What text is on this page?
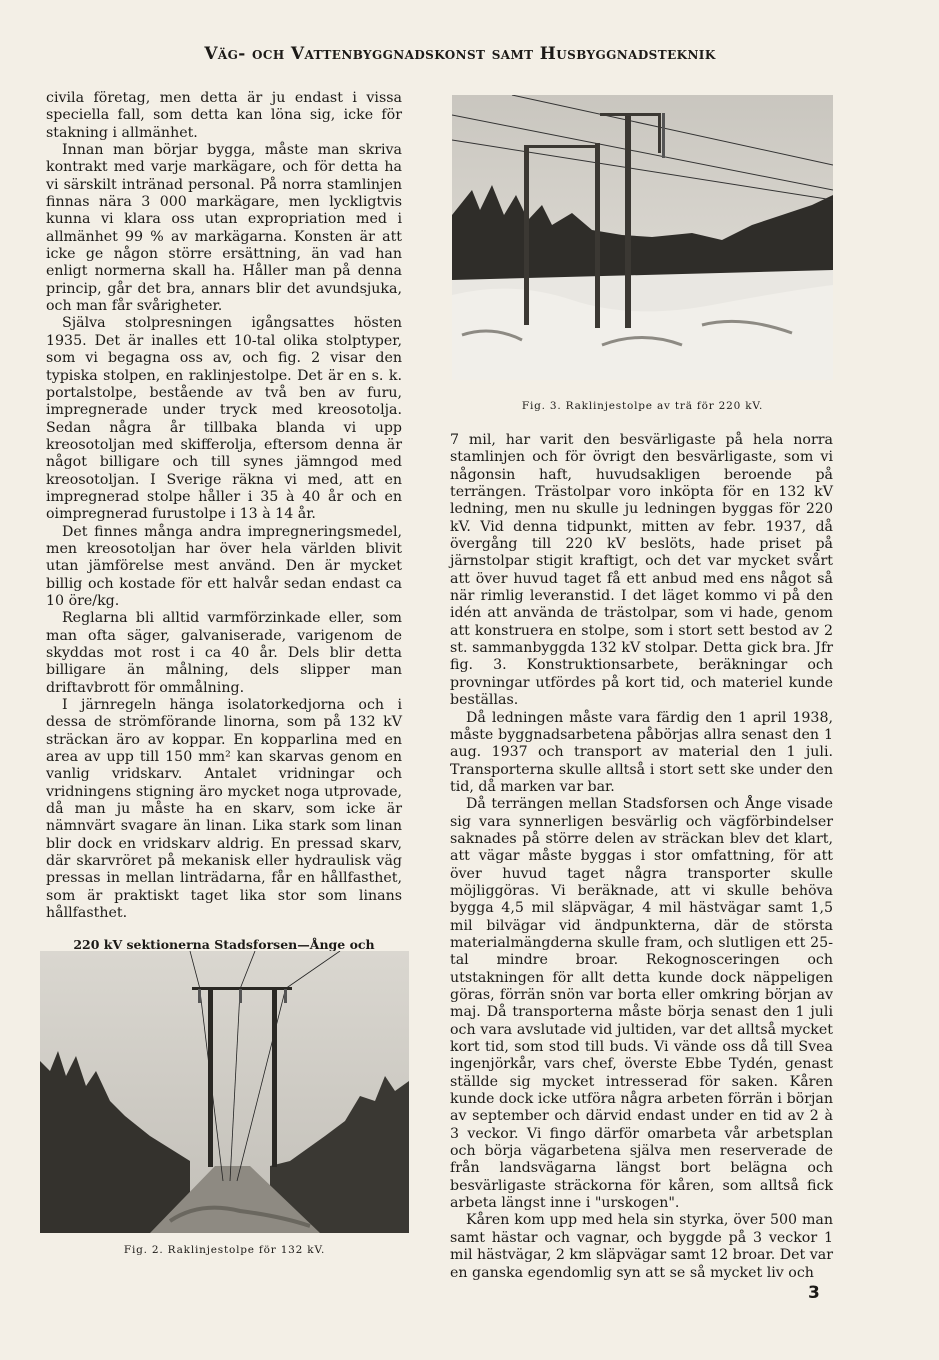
Väg- och Vattenbyggnadskonst samt Husbyggnadsteknik

civila företag, men detta är ju endast i vissa speciella fall, som detta kan löna sig, icke för stakning i allmänhet.

Innan man börjar bygga, måste man skriva kontrakt med varje markägare, och för detta ha vi särskilt intränad personal. På norra stamlinjen finnas nära 3 000 markägare, men lyckligtvis kunna vi klara oss utan expropriation med i allmänhet 99 % av markägarna. Konsten är att icke ge någon större ersättning, än vad han enligt normerna skall ha. Håller man på denna princip, går det bra, annars blir det avundsjuka, och man får svårigheter.

Själva stolpresningen igångsattes hösten 1935. Det är inalles ett 10-tal olika stolptyper, som vi begagna oss av, och fig. 2 visar den typiska stolpen, en raklinjestolpe. Det är en s. k. portalstolpe, bestående av två ben av furu, impregnerade under tryck med kreosotolja. Sedan några år tillbaka blanda vi upp kreosotoljan med skifferolja, eftersom denna är något billigare och till synes jämngod med kreosotoljan. I Sverige räkna vi med, att en impregnerad stolpe håller i 35 à 40 år och en oimpregnerad furustolpe i 13 à 14 år.

Det finnes många andra impregneringsmedel, men kreosotoljan har över hela världen blivit utan jämförelse mest använd. Den är mycket billig och kostade för ett halvår sedan endast ca 10 öre/kg.

Reglarna bli alltid varmförzinkade eller, som man ofta säger, galvaniserade, varigenom de skyddas mot rost i ca 40 år. Dels blir detta billigare än målning, dels slipper man driftavbrott för ommålning.

I järnregeln hänga isolatorkedjorna och i dessa de strömförande linorna, som på 132 kV sträckan äro av koppar. En kopparlina med en area av upp till 150 mm² kan skarvas genom en vanlig vridskarv. Antalet vridningar och vridningens stigning äro mycket noga utprovade, då man ju måste ha en skarv, som icke är nämnvärt svagare än linan. Lika stark som linan blir dock en vridskarv aldrig. En pressad skarv, där skarvröret på mekanisk eller hydraulisk väg pressas in mellan linträdarna, får en hållfasthet, som är praktiskt taget lika stor som linans hållfasthet.

220 kV sektionerna Stadsforsen—Ånge och

Fig. 3. Raklinjestolpe av trä för 220 kV.

7 mil, har varit den besvärligaste på hela norra stamlinjen och för övrigt den besvärligaste, som vi någonsin haft, huvudsakligen beroende på terrängen. Trästolpar voro inköpta för en 132 kV ledning, men nu skulle ju ledningen byggas för 220 kV. Vid denna tidpunkt, mitten av febr. 1937, då övergång till 220 kV beslöts, hade priset på järnstolpar stigit kraftigt, och det var mycket svårt att över huvud taget få ett anbud med ens något så när rimlig leveranstid. I det läget kommo vi på den idén att använda de trästolpar, som vi hade, genom att konstruera en stolpe, som i stort sett bestod av 2 st. sammanbyggda 132 kV stolpar. Detta gick bra. Jfr fig. 3. Konstruktionsarbete, beräkningar och provningar utfördes på kort tid, och materiel kunde beställas.

Då ledningen måste vara färdig den 1 april 1938, måste byggnadsarbetena påbörjas allra senast den 1 aug. 1937 och transport av material den 1 juli. Transporterna skulle alltså i stort sett ske under den tid, då marken var bar.

Då terrängen mellan Stadsforsen och Ånge visade sig vara synnerligen besvärlig och vägförbindelser saknades på större delen av sträckan blev det klart, att vägar måste byggas i stor omfattning, för att över huvud taget några transporter skulle möjliggöras. Vi beräknade, att vi skulle behöva bygga 4,5 mil släpvägar, 4 mil hästvägar samt 1,5 mil bilvägar vid ändpunkterna, där de största materialmängderna skulle fram, och slutligen ett 25-tal mindre broar. Rekognosceringen och utstakningen för allt detta kunde dock näppeligen göras, förrän snön var borta eller omkring början av maj. Då transporterna måste börja senast den 1 juli och vara avslutade vid jultiden, var det alltså mycket kort tid, som stod till buds. Vi vände oss då till Svea ingenjörkår, vars chef, överste Ebbe Tydén, genast ställde sig mycket intresserad för saken. Kåren kunde dock icke utföra några arbeten förrän i början av september och därvid endast under en tid av 2 à 3 veckor. Vi fingo därför omarbeta vår arbetsplan och börja vägarbetena själva men reserverade de från landsvägarna längst bort belägna och besvärligaste sträckorna för kåren, som alltså fick arbeta längst inne i "urskogen".

Kåren kom upp med hela sin styrka, över 500 man samt hästar och vagnar, och byggde på 3 veckor 1 mil hästvägar, 2 km släpvägar samt 12 broar. Det var en ganska egendomlig syn att se så mycket liv och

Fig. 2. Raklinjestolpe för 132 kV.
3
